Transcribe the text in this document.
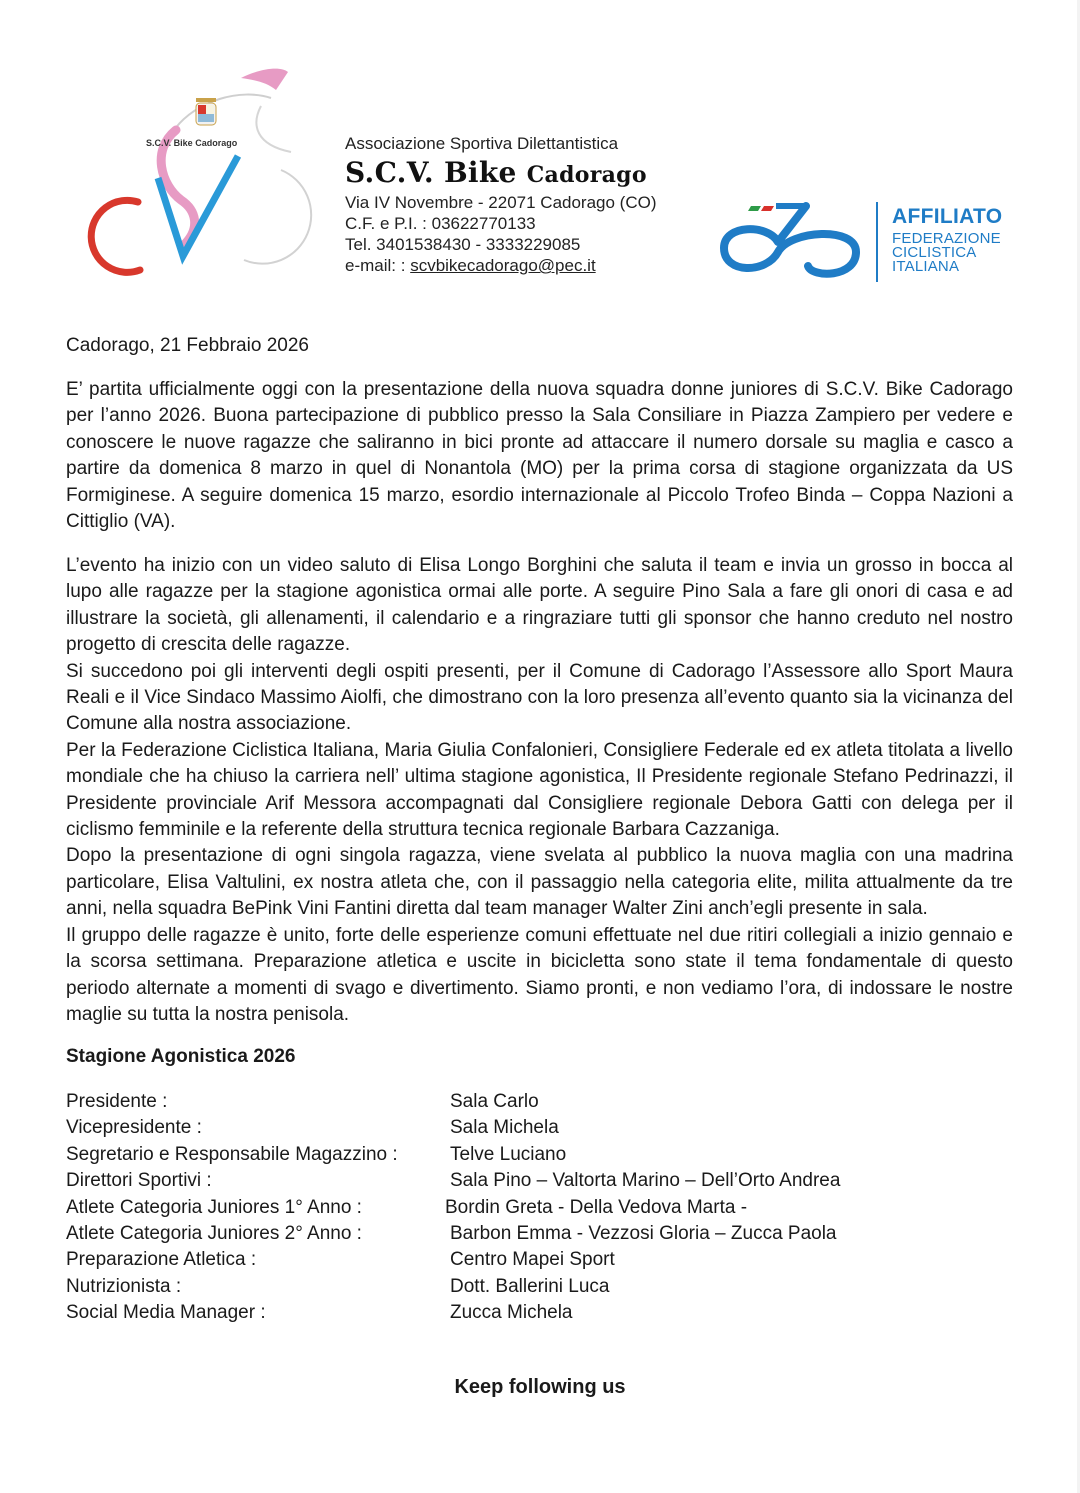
S.C.V. Bike Cadorago	Associazione Sportiva Dilettantistica
S.C.V. Bike Cadorago
Via IV Novembre - 22071 Cadorago (CO)
C.F. e P.I. : 03622770133
Tel. 3401538430 - 3333229085
e-mail: : scvbikecadorago@pec.it
AFFILIATO
FEDERAZIONE
CICLISTICA
ITALIANA
Cadorago, 21 Febbraio 2026

E’ partita ufficialmente oggi con la presentazione della nuova squadra donne juniores di S.C.V. Bike Cadorago per l’anno 2026. Buona partecipazione di pubblico presso la Sala Consiliare in Piazza Zampiero per vedere e conoscere le nuove ragazze che saliranno in bici pronte ad attaccare il numero dorsale su maglia e casco a partire da domenica 8 marzo in quel di Nonantola (MO) per la prima corsa di stagione organizzata da US Formiginese. A seguire domenica 15 marzo, esordio internazionale al Piccolo Trofeo Binda – Coppa Nazioni a Cittiglio (VA).

L’evento ha inizio con un video saluto di Elisa Longo Borghini che saluta il team e invia un grosso in bocca al lupo alle ragazze per la stagione agonistica ormai alle porte. A seguire Pino Sala a fare gli onori di casa e ad illustrare la società, gli allenamenti, il calendario e a ringraziare tutti gli sponsor che hanno creduto nel nostro progetto di crescita delle ragazze.

Si succedono poi gli interventi degli ospiti presenti, per il Comune di Cadorago l’Assessore allo Sport Maura Reali e il Vice Sindaco Massimo Aiolfi, che dimostrano con la loro presenza all’evento quanto sia la vicinanza del Comune alla nostra associazione.

Per la Federazione Ciclistica Italiana, Maria Giulia Confalonieri, Consigliere Federale ed ex atleta titolata a livello mondiale che ha chiuso la carriera nell’ ultima stagione agonistica, Il Presidente regionale Stefano Pedrinazzi, il Presidente provinciale Arif Messora accompagnati dal Consigliere regionale Debora Gatti con delega per il ciclismo femminile e la referente della struttura tecnica regionale Barbara Cazzaniga.

Dopo la presentazione di ogni singola ragazza, viene svelata al pubblico la nuova maglia con una madrina particolare, Elisa Valtulini, ex nostra atleta che, con il passaggio nella categoria elite, milita attualmente da tre anni, nella squadra BePink Vini Fantini diretta dal team manager Walter Zini anch’egli presente in sala.

Il gruppo delle ragazze è unito, forte delle esperienze comuni effettuate nel due ritiri collegiali a inizio gennaio e la scorsa settimana. Preparazione atletica e uscite in bicicletta sono state il tema fondamentale di questo periodo alternate a momenti di svago e divertimento. Siamo pronti, e non vediamo l’ora, di indossare le nostre maglie su tutta la nostra penisola.

Stagione Agonistica 2026
Presidente :	Sala Carlo
Vicepresidente :	Sala Michela
Segretario e Responsabile Magazzino :	Telve Luciano
Direttori Sportivi :	Sala Pino – Valtorta Marino – Dell’Orto Andrea
Atlete Categoria Juniores 1° Anno :	Bordin Greta - Della Vedova Marta -
Atlete Categoria Juniores 2° Anno :	Barbon Emma - Vezzosi Gloria – Zucca Paola
Preparazione Atletica :	Centro Mapei Sport
Nutrizionista :	Dott. Ballerini Luca
Social Media Manager :	Zucca Michela
Keep following us
